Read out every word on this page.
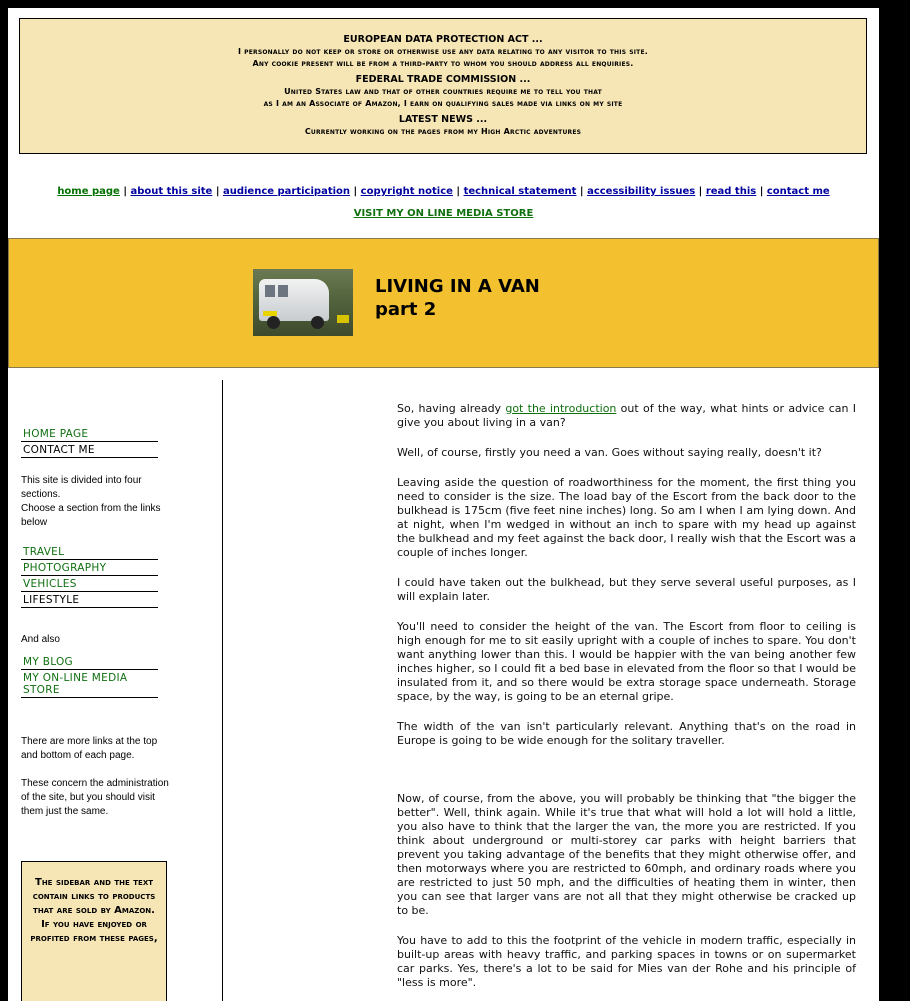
EUROPEAN DATA PROTECTION ACT ...
I personally do not keep or store or otherwise use any data relating to any visitor to this site.
Any cookie present will be from a third-party to whom you should address all enquiries.
FEDERAL TRADE COMMISSION ...
United States law and that of other countries require me to tell you that
as I am an Associate of Amazon, I earn on qualifying sales made via links on my site
LATEST NEWS ...
Currently working on the pages from my High Arctic adventures
home page | about this site | audience participation | copyright notice | technical statement | accessibility issues | read this | contact me
VISIT MY ON LINE MEDIA STORE
LIVING IN A VAN
part 2
HOME PAGE
CONTACT ME
This site is divided into four sections.
Choose a section from the links below
TRAVEL
PHOTOGRAPHY
VEHICLES
LIFESTYLE
And also
MY BLOG
MY ON-LINE MEDIA STORE
There are more links at the top and bottom of each page.
These concern the administration of the site, but you should visit them just the same.
The sidebar and the text contain links to products that are sold by Amazon.
If you have enjoyed or profited from these pages,

So, having already got the introduction out of the way, what hints or advice can I give you about living in a van?

Well, of course, firstly you need a van. Goes without saying really, doesn't it?

Leaving aside the question of roadworthiness for the moment, the first thing you need to consider is the size. The load bay of the Escort from the back door to the bulkhead is 175cm (five feet nine inches) long. So am I when I am lying down. And at night, when I'm wedged in without an inch to spare with my head up against the bulkhead and my feet against the back door, I really wish that the Escort was a couple of inches longer.

I could have taken out the bulkhead, but they serve several useful purposes, as I will explain later.

You'll need to consider the height of the van. The Escort from floor to ceiling is high enough for me to sit easily upright with a couple of inches to spare. You don't want anything lower than this. I would be happier with the van being another few inches higher, so I could fit a bed base in elevated from the floor so that I would be insulated from it, and so there would be extra storage space underneath. Storage space, by the way, is going to be an eternal gripe.

The width of the van isn't particularly relevant. Anything that's on the road in Europe is going to be wide enough for the solitary traveller.

Now, of course, from the above, you will probably be thinking that "the bigger the better". Well, think again. While it's true that what will hold a lot will hold a little, you also have to think that the larger the van, the more you are restricted. If you think about underground or multi-storey car parks with height barriers that prevent you taking advantage of the benefits that they might otherwise offer, and then motorways where you are restricted to 60mph, and ordinary roads where you are restricted to just 50 mph, and the difficulties of heating them in winter, then you can see that larger vans are not all that they might otherwise be cracked up to be.

You have to add to this the footprint of the vehicle in modern traffic, especially in built-up areas with heavy traffic, and parking spaces in towns or on supermarket car parks. Yes, there's a lot to be said for Mies van der Rohe and his principle of "less is more".
